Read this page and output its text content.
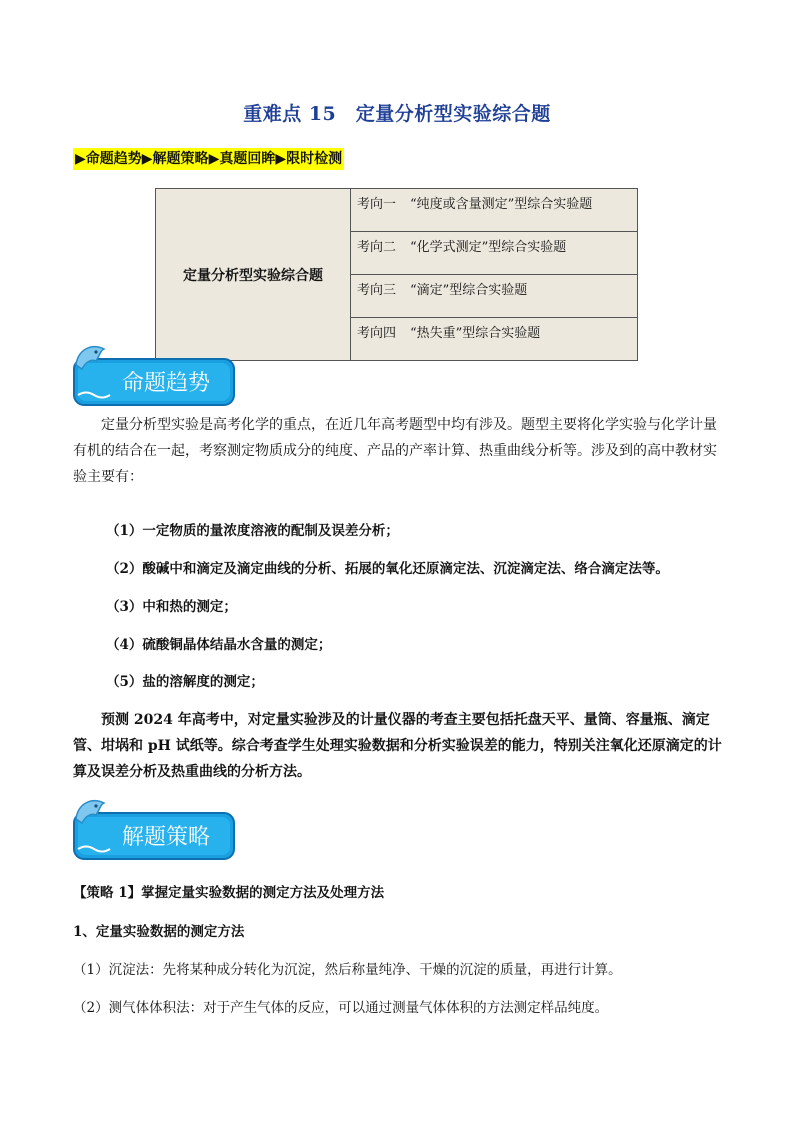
重难点 15　定量分析型实验综合题
▶命题趋势▶解题策略▶真题回眸▶限时检测
定量分析型实验综合题	考向一 “纯度或含量测定”型综合实验题
考向二 “化学式测定”型综合实验题
考向三 “滴定”型综合实验题
考向四 “热失重”型综合实验题
命题趋势

定量分析型实验是高考化学的重点，在近几年高考题型中均有涉及。题型主要将化学实验与化学计量有机的结合在一起，考察测定物质成分的纯度、产品的产率计算、热重曲线分析等。涉及到的高中教材实验主要有：

（1）一定物质的量浓度溶液的配制及误差分析；
（2）酸碱中和滴定及滴定曲线的分析、拓展的氧化还原滴定法、沉淀滴定法、络合滴定法等。
（3）中和热的测定；
（4）硫酸铜晶体结晶水含量的测定；
（5）盐的溶解度的测定；

预测 2024 年高考中，对定量实验涉及的计量仪器的考查主要包括托盘天平、量筒、容量瓶、滴定管、坩埚和 pH 试纸等。综合考查学生处理实验数据和分析实验误差的能力，特别关注氧化还原滴定的计算及误差分析及热重曲线的分析方法。

解题策略
【策略 1】掌握定量实验数据的测定方法及处理方法
1、定量实验数据的测定方法
（1）沉淀法：先将某种成分转化为沉淀，然后称量纯净、干燥的沉淀的质量，再进行计算。
（2）测气体体积法：对于产生气体的反应，可以通过测量气体体积的方法测定样品纯度。
